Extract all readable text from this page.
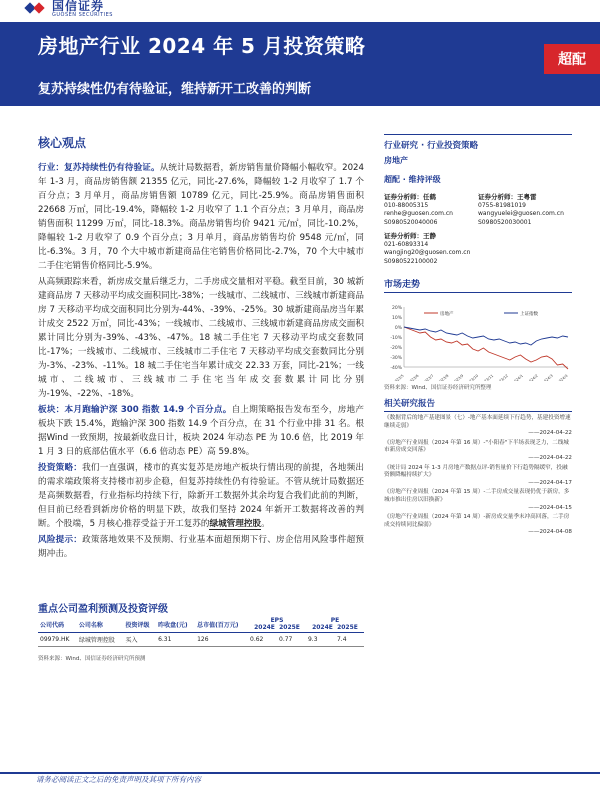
国信证券
GUOSEN SECURITIES
房地产行业 2024 年 5 月投资策略
复苏持续性仍有待验证，维持新开工改善的判断
超配
核心观点
行业：复苏持续性仍有待验证。从统计局数据看，新房销售量价降幅小幅收窄。2024 年 1-3 月，商品房销售额 21355 亿元，同比-27.6%，降幅较 1-2 月收窄了 1.7 个百分点；3 月单月，商品房销售额 10789 亿元，同比-25.9%。商品房销售面积 22668 万㎡，同比-19.4%，降幅较 1-2 月收窄了 1.1 个百分点；3 月单月，商品房销售面积 11299 万㎡，同比-18.3%。商品房销售均价 9421 元/㎡，同比-10.2%，降幅较 1-2 月收窄了 0.9 个百分点；3 月单月，商品房销售均价 9548 元/㎡，同比-6.3%。3 月，70 个大中城市新建商品住宅销售价格同比-2.7%，70 个大中城市二手住宅销售价格同比-5.9%。
从高频跟踪来看，新房成交量后继乏力，二手房成交量相对平稳。截至目前，30 城新建商品房 7 天移动平均成交面积同比-38%；一线城市、二线城市、三线城市新建商品房 7 天移动平均成交面积同比分别为-44%、-39%、-25%。30 城新建商品房当年累计成交 2522 万㎡，同比-43%；一线城市、二线城市、三线城市新建商品房成交面积累计同比分别为-39%、-43%、-47%。18 城二手住宅 7 天移动平均成交套数同比-17%；一线城市、二线城市、三线城市二手住宅 7 天移动平均成交套数同比分别为-3%、-23%、-11%。18 城二手住宅当年累计成交 22.33 万套，同比-21%；一线城市、二线城市、三线城市二手住宅当年成交套数累计同比分别为-19%、-22%、-18%。
板块：本月跑输沪深 300 指数 14.9 个百分点。自上期策略报告发布至今，房地产板块下跌 15.4%，跑输沪深 300 指数 14.9 个百分点，在 31 个行业中排 31 名。根据Wind 一致预期，按最新收盘日计，板块 2024 年动态 PE 为 10.6 倍，比 2019 年 1 月 3 日的底部估值水平（6.6 倍动态 PE）高 59.8%。
投资策略：我们一直强调，楼市的真实复苏是房地产板块行情出现的前提，各地频出的需求端政策将支持楼市初步企稳，但复苏持续性仍有待验证。不管从统计局数据还是高频数据看，行业指标均持续下行，除新开工数据外其余均复合我们此前的判断，但目前已经看到新房价格的明显下跌，故我们坚持 2024 年新开工数据将改善的判断。个股端，5 月核心推荐受益于开工复苏的绿城管理控股。
风险提示：政策落地效果不及预期、行业基本面超预期下行、房企信用风险事件超预期冲击。
重点公司盈利预测及投资评级
公司代码	公司名称	投资评级	昨收盘(元)	总市值(百万元)	EPS
2024E 2025E		PE
2024E 2025E	
09979.HK	绿城管理控股	买入	6.31	126	0.62	0.77	9.3	7.4
资料来源：Wind、国信证券经济研究所预测
行业研究 · 行业投资策略
房地产
超配 · 维持评级
证券分析师：任鹤
010-88005315
renhe@guosen.com.cn
S0980520040006
证券分析师：王粤雷
0755-81981019
wangyuelei@guosen.com.cn
S0980520030001
证券分析师：王静
021-60893314
wangjing20@guosen.com.cn
S0980522100002
市场走势
20%
10%
0%
-10%
-20%
-30%
-40%
2023/5 2023/6 2023/7 2023/8 2023/9 2023/10 2023/11 2023/12 2024/1 2024/2 2024/3 2024/4
房地产	上证指数
资料来源：Wind、国信证券经济研究所整理
相关研究报告
《数据背后的地产基建图景（七）-地产基本面延续下行趋势，基建投资增速继续走弱》
——2024-04-22
《房地产行业周报（2024 年第 16 周）-"小阳春"下半场表现乏力，二线城市新房成交回落》
——2024-04-22
《统计局 2024 年 1-3 月房地产数据点评-销售量价下行趋势隔缓窄，投融资额降幅持续扩大》
——2024-04-17
《房地产行业周报（2024 年第 15 周）-二手房成交量表现仍优于新房，多城市推出住房以旧换新》
——2024-04-15
《房地产行业周报（2024 年第 14 周）-新房成交量季末冲高回落，二手房成交持续同比偏弱》
——2024-04-08
请务必阅读正文之后的免责声明及其项下所有内容
